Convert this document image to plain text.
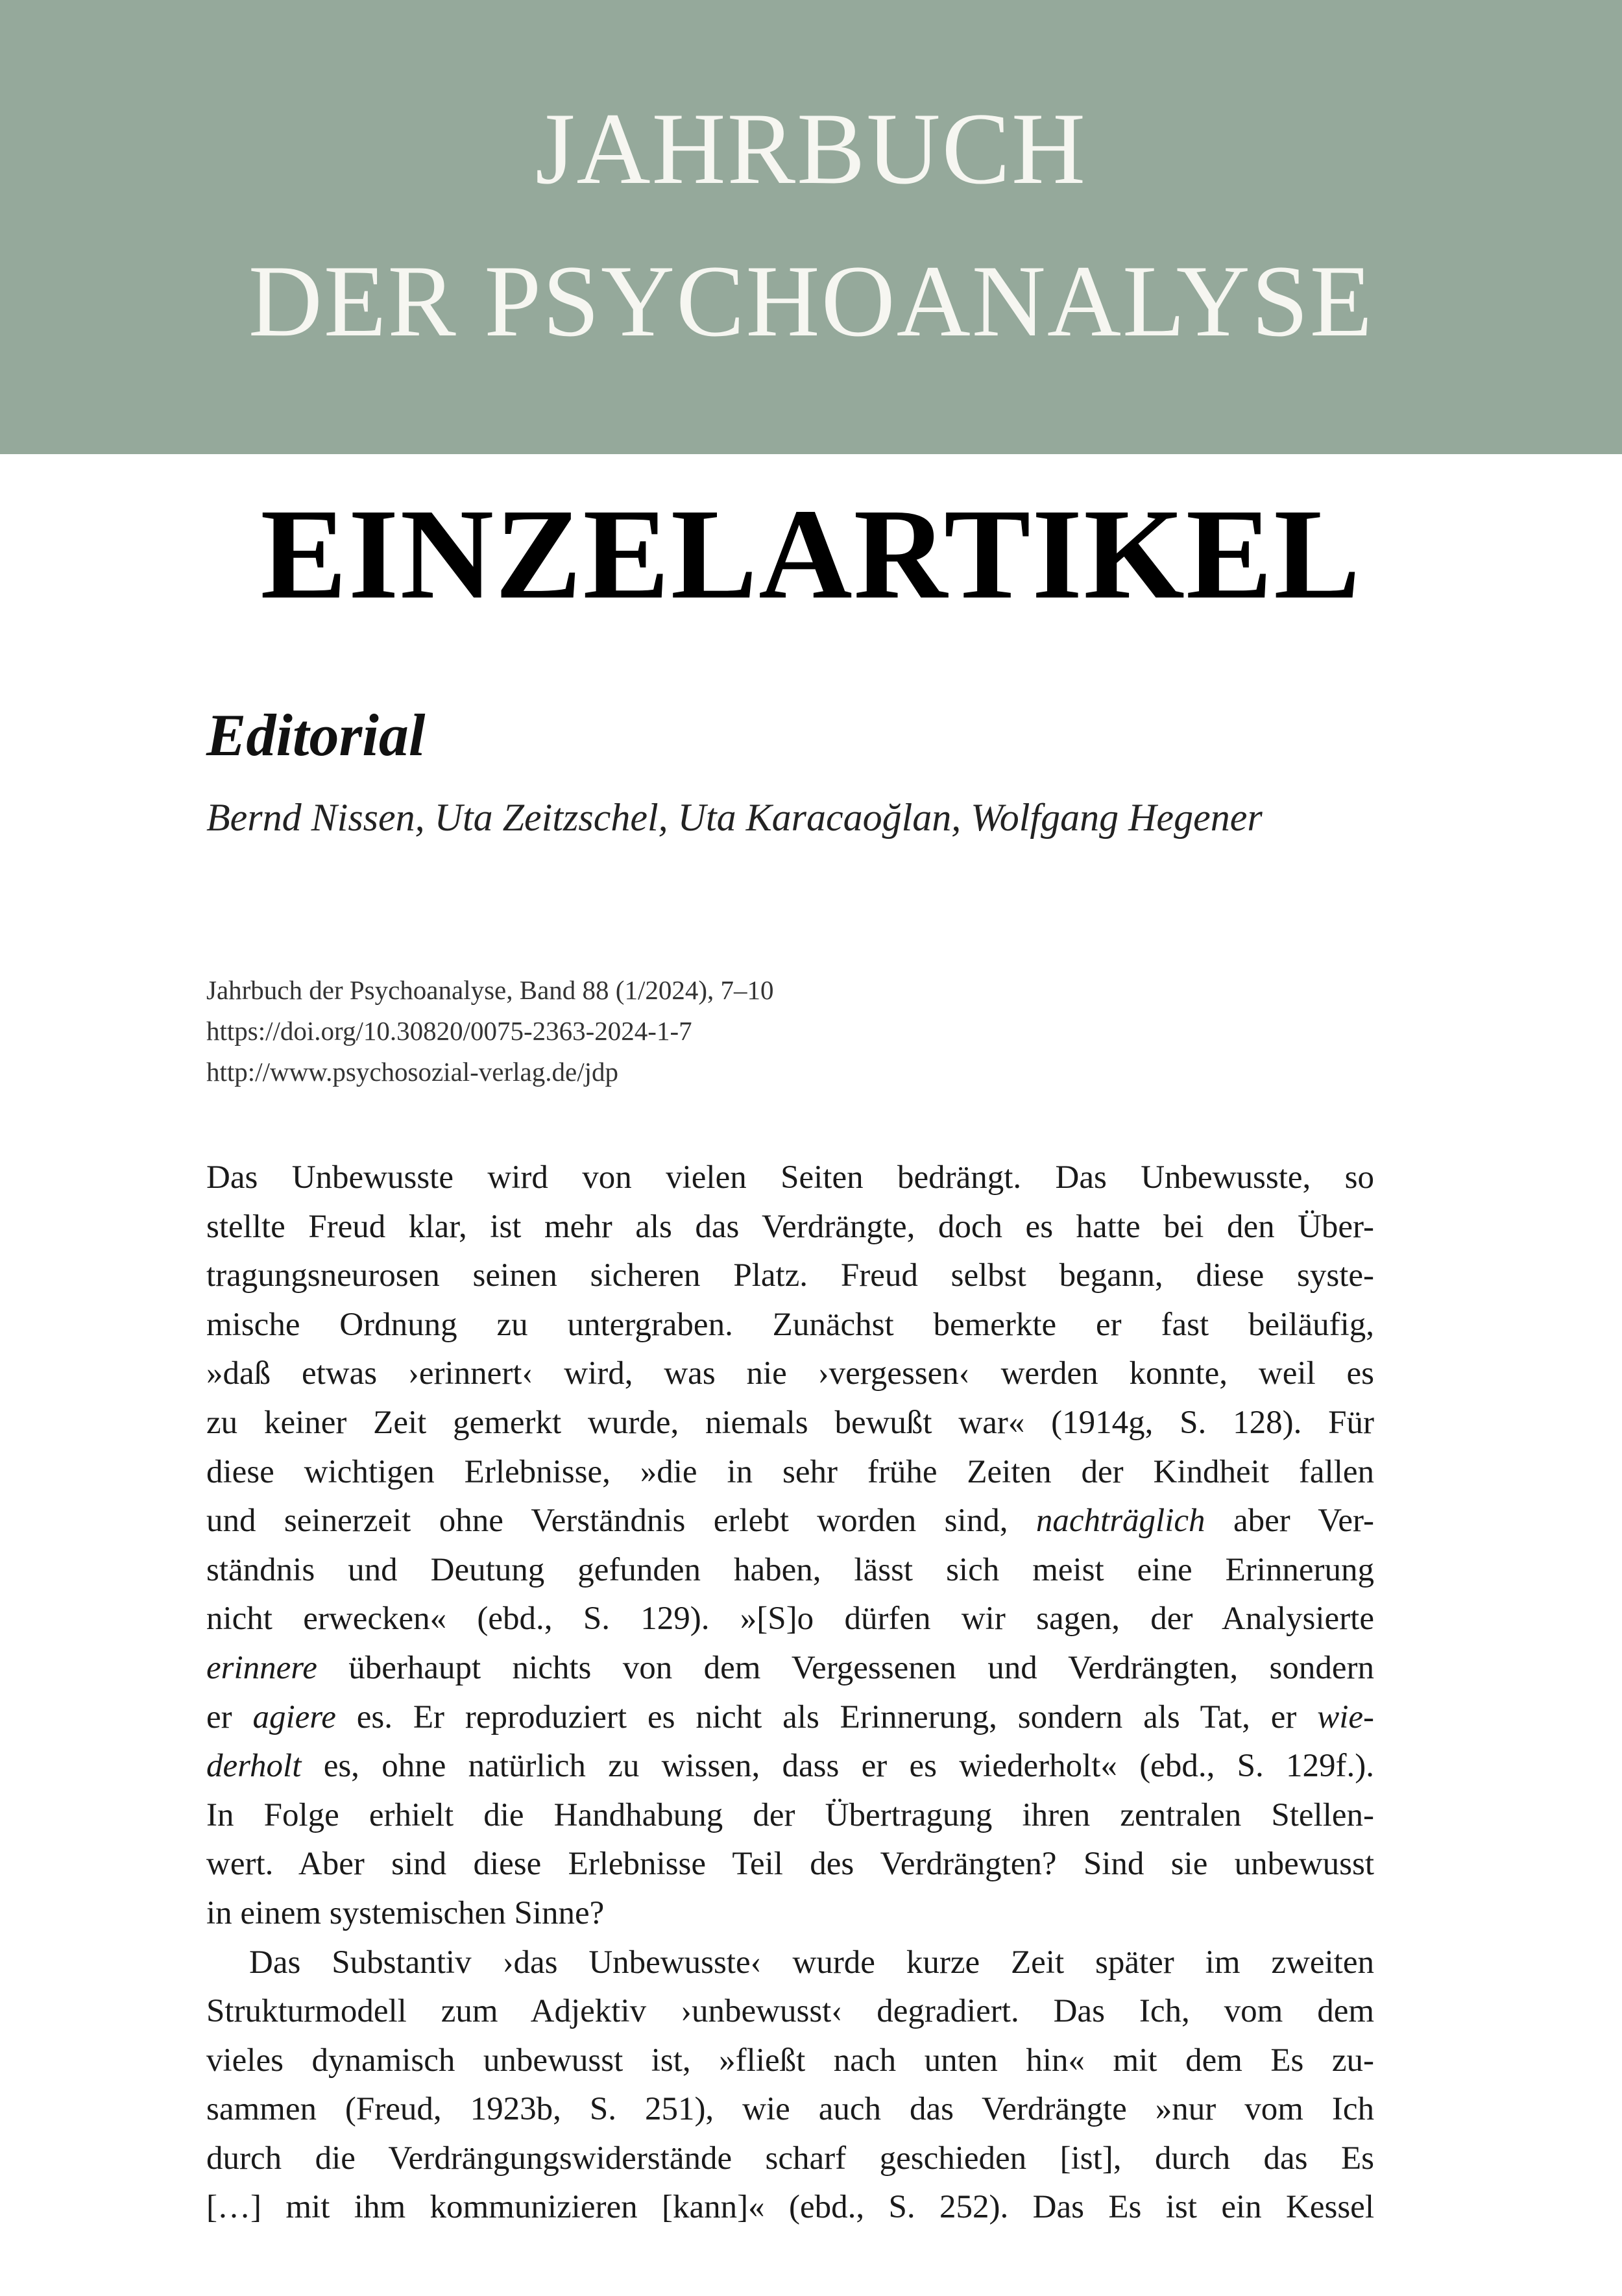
JAHRBUCH
DER PSYCHOANALYSE
EINZELARTIKEL
Editorial
Bernd Nissen, Uta Zeitzschel, Uta Karacaoğlan, Wolfgang Hegener
Jahrbuch der Psychoanalyse, Band 88 (1/2024), 7–10
https://doi.org/10.30820/0075-2363-2024-1-7
http://www.psychosozial-verlag.de/jdp
Das Unbewusste wird von vielen Seiten bedrängt. Das Unbewusste, so
stellte Freud klar, ist mehr als das Verdrängte, doch es hatte bei den Über-
tragungsneurosen seinen sicheren Platz. Freud selbst begann, diese syste-
mische Ordnung zu untergraben. Zunächst bemerkte er fast beiläufig,
»daß etwas ›erinnert‹ wird, was nie ›vergessen‹ werden konnte, weil es
zu keiner Zeit gemerkt wurde, niemals bewußt war« (1914g, S. 128). Für
diese wichtigen Erlebnisse, »die in sehr frühe Zeiten der Kindheit fallen
und seinerzeit ohne Verständnis erlebt worden sind, nachträglich aber Ver-
ständnis und Deutung gefunden haben, lässt sich meist eine Erinnerung
nicht erwecken« (ebd., S. 129). »[S]o dürfen wir sagen, der Analysierte
erinnere überhaupt nichts von dem Vergessenen und Verdrängten, sondern
er agiere es. Er reproduziert es nicht als Erinnerung, sondern als Tat, er wie-
derholt es, ohne natürlich zu wissen, dass er es wiederholt« (ebd., S. 129f.).
In Folge erhielt die Handhabung der Übertragung ihren zentralen Stellen-
wert. Aber sind diese Erlebnisse Teil des Verdrängten? Sind sie unbewusst
in einem systemischen Sinne?
Das Substantiv ›das Unbewusste‹ wurde kurze Zeit später im zweiten
Strukturmodell zum Adjektiv ›unbewusst‹ degradiert. Das Ich, vom dem
vieles dynamisch unbewusst ist, »fließt nach unten hin« mit dem Es zu-
sammen (Freud, 1923b, S. 251), wie auch das Verdrängte »nur vom Ich
durch die Verdrängungswiderstände scharf geschieden [ist], durch das Es
[…] mit ihm kommunizieren [kann]« (ebd., S. 252). Das Es ist ein Kessel
